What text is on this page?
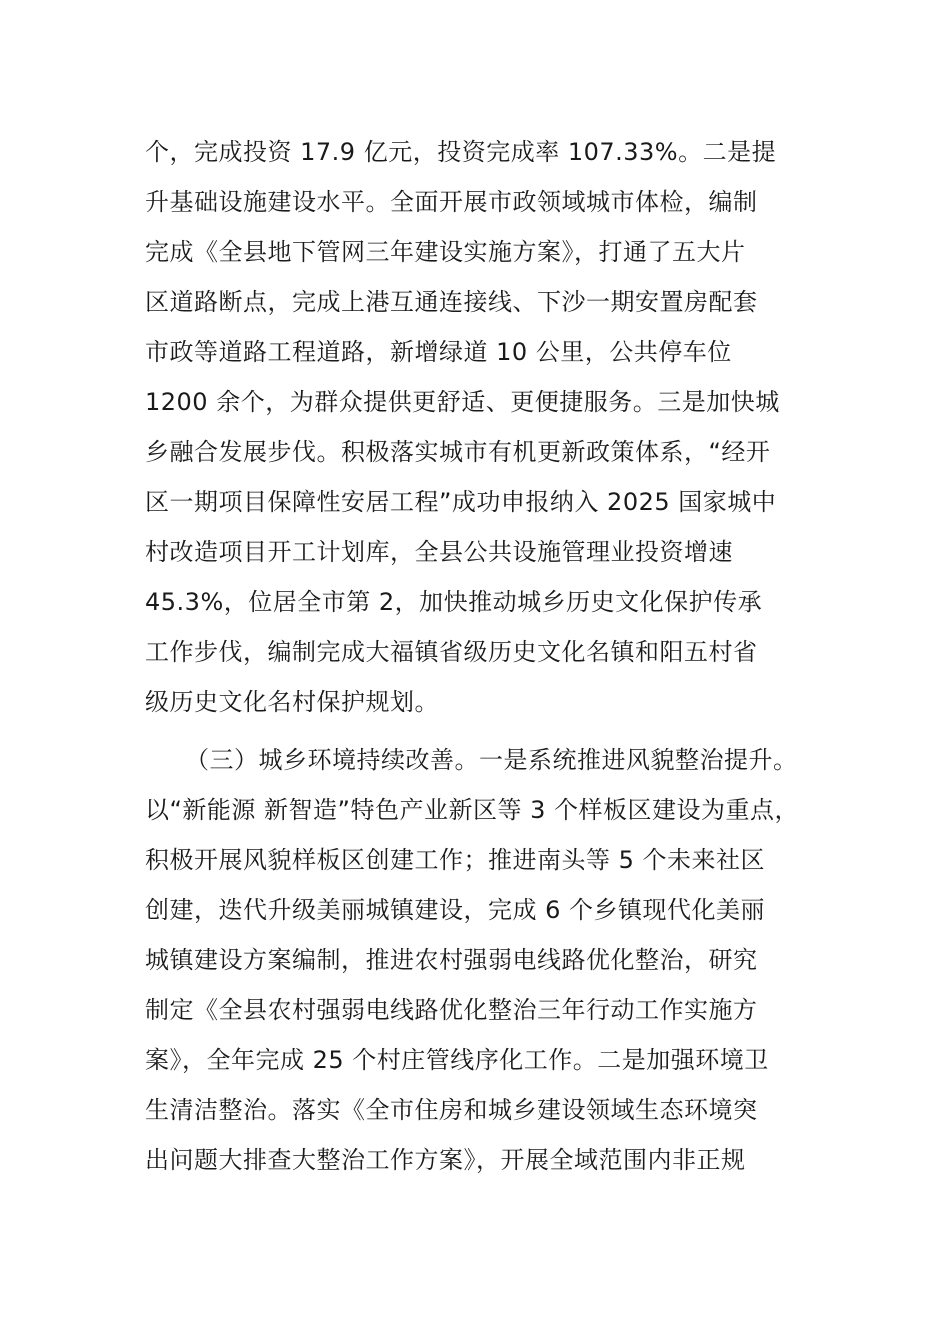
个，完成投资 17.9 亿元，投资完成率 107.33%。二是提
升基础设施建设水平。全面开展市政领域城市体检，编制
完成《全县地下管网三年建设实施方案》，打通了五大片
区道路断点，完成上港互通连接线、下沙一期安置房配套
市政等道路工程道路，新增绿道 10 公里，公共停车位
1200 余个，为群众提供更舒适、更便捷服务。三是加快城
乡融合发展步伐。积极落实城市有机更新政策体系，“经开
区一期项目保障性安居工程”成功申报纳入 2025 国家城中
村改造项目开工计划库，全县公共设施管理业投资增速
45.3%，位居全市第 2，加快推动城乡历史文化保护传承
工作步伐，编制完成大福镇省级历史文化名镇和阳五村省
级历史文化名村保护规划。
（三）城乡环境持续改善。一是系统推进风貌整治提升。
以“新能源 新智造”特色产业新区等 3 个样板区建设为重点，
积极开展风貌样板区创建工作；推进南头等 5 个未来社区
创建，迭代升级美丽城镇建设，完成 6 个乡镇现代化美丽
城镇建设方案编制，推进农村强弱电线路优化整治，研究
制定《全县农村强弱电线路优化整治三年行动工作实施方
案》，全年完成 25 个村庄管线序化工作。二是加强环境卫
生清洁整治。落实《全市住房和城乡建设领域生态环境突
出问题大排查大整治工作方案》，开展全域范围内非正规
